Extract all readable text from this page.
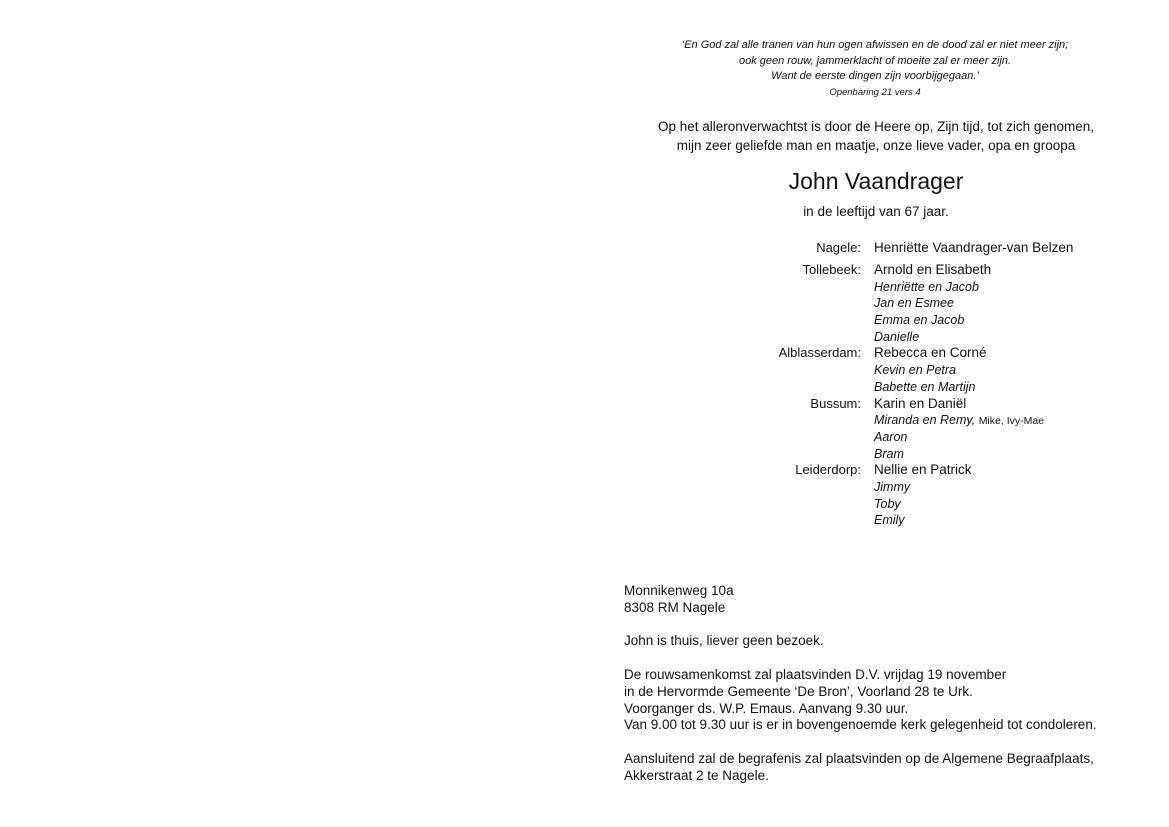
‘En God zal alle tranen van hun ogen afwissen en de dood zal er niet meer zijn;
ook geen rouw, jammerklacht of moeite zal er meer zijn.
Want de eerste dingen zijn voorbijgegaan.’
Openbaring 21 vers 4
Op het alleronverwachtst is door de Heere op, Zijn tijd, tot zich genomen,
mijn zeer geliefde man en maatje, onze lieve vader, opa en groopa
John Vaandrager
in de leeftijd van 67 jaar.
Nagele: Henriëtte Vaandrager-van Belzen
Tollebeek: Arnold en Elisabeth
Henriëtte en Jacob
Jan en Esmee
Emma en Jacob
Danielle
Alblasserdam: Rebecca en Corné
Kevin en Petra
Babette en Martijn
Bussum: Karin en Daniël
Miranda en Remy, Mike, Ivy-Mae
Aaron
Bram
Leiderdorp: Nellie en Patrick
Jimmy
Toby
Emily
Monnikenweg 10a
8308 RM Nagele
John is thuis, liever geen bezoek.
De rouwsamenkomst zal plaatsvinden D.V. vrijdag 19 november
in de Hervormde Gemeente ‘De Bron’, Voorland 28 te Urk.
Voorganger ds. W.P. Emaus. Aanvang 9.30 uur.
Van 9.00 tot 9.30 uur is er in bovengenoemde kerk gelegenheid tot condoleren.
Aansluitend zal de begrafenis zal plaatsvinden op de Algemene Begraafplaats,
Akkerstraat 2 te Nagele.
